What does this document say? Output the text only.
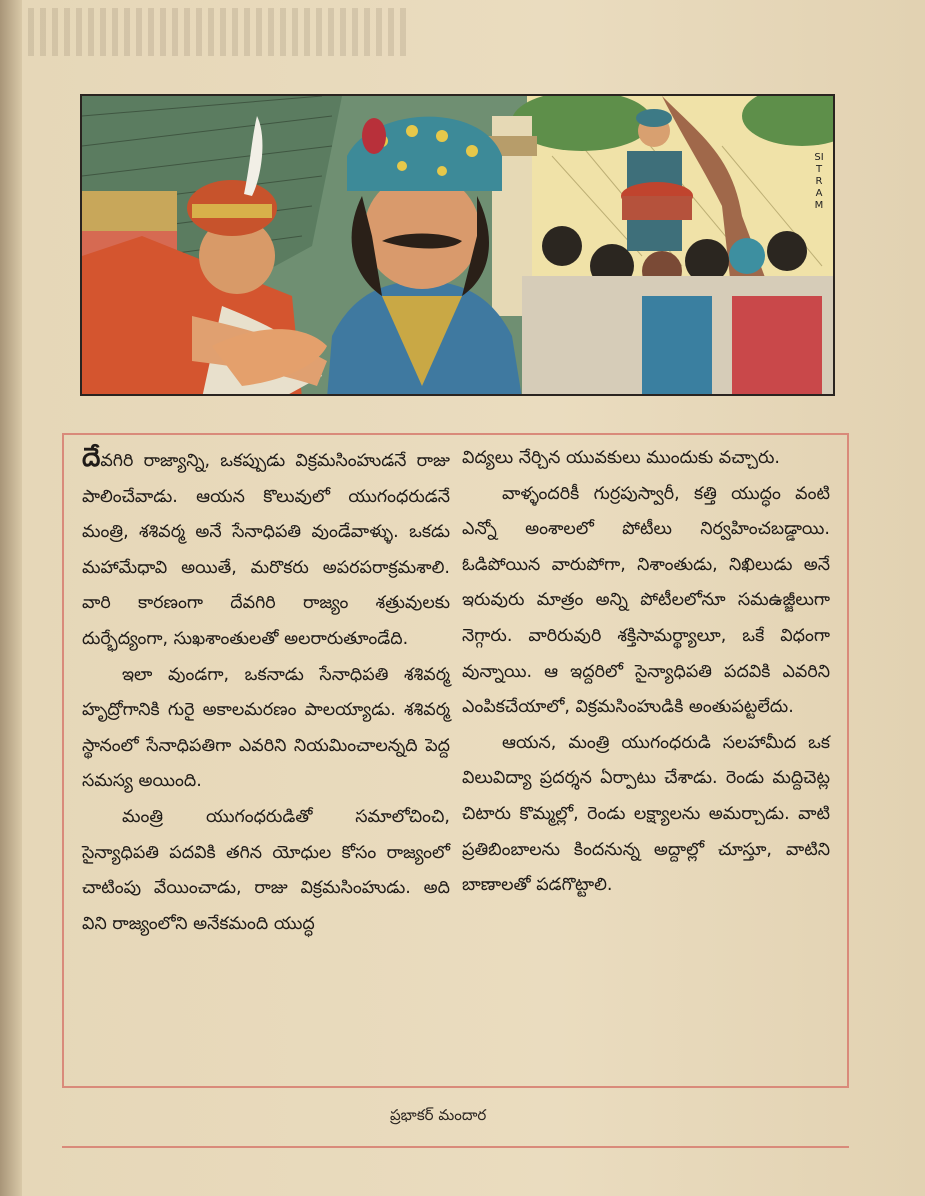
SITRAM

దేవగిరి రాజ్యాన్ని, ఒకప్పుడు విక్రమసింహుడనే రాజు పాలించేవాడు. ఆయన కొలువులో యుగంధరుడనే మంత్రి, శశివర్మ అనే సేనాధిపతి వుండేవాళ్ళు. ఒకడు మహామేధావి అయితే, మరొకరు అపరపరాక్రమశాలి. వారి కారణంగా దేవగిరి రాజ్యం శత్రువులకు దుర్భేద్యంగా, సుఖశాంతులతో అలరారుతూండేది.

ఇలా వుండగా, ఒకనాడు సేనాధిపతి శశివర్మ హృద్రోగానికి గురై అకాలమరణం పాలయ్యాడు. శశివర్మ స్థానంలో సేనాధిపతిగా ఎవరిని నియమించాలన్నది పెద్ద సమస్య అయింది.

మంత్రి యుగంధరుడితో సమాలోచించి, సైన్యాధిపతి పదవికి తగిన యోధుల కోసం రాజ్యంలో చాటింపు వేయించాడు, రాజు విక్రమసింహుడు. అది విని రాజ్యంలోని అనేకమంది యుద్ధ

విద్యలు నేర్చిన యువకులు ముందుకు వచ్చారు.

వాళ్ళందరికీ గుర్రపుస్వారీ, కత్తి యుద్ధం వంటి ఎన్నో అంశాలలో పోటీలు నిర్వహించబడ్డాయి. ఓడిపోయిన వారుపోగా, నిశాంతుడు, నిఖిలుడు అనే ఇరువురు మాత్రం అన్ని పోటీలలోనూ సమఉజ్జీలుగా నెగ్గారు. వారిరువురి శక్తిసామర్థ్యాలూ, ఒకే విధంగా వున్నాయి. ఆ ఇద్దరిలో సైన్యాధిపతి పదవికి ఎవరిని ఎంపికచేయాలో, విక్రమసింహుడికి అంతుపట్టలేదు.

ఆయన, మంత్రి యుగంధరుడి సలహామీద ఒక విలువిద్యా ప్రదర్శన ఏర్పాటు చేశాడు. రెండు మద్దిచెట్ల చిటారు కొమ్మల్లో, రెండు లక్ష్యాలను అమర్చాడు. వాటి ప్రతిబింబాలను కిందనున్న అద్దాల్లో చూస్తూ, వాటిని బాణాలతో పడగొట్టాలి.

ప్రభాకర్ మందార
